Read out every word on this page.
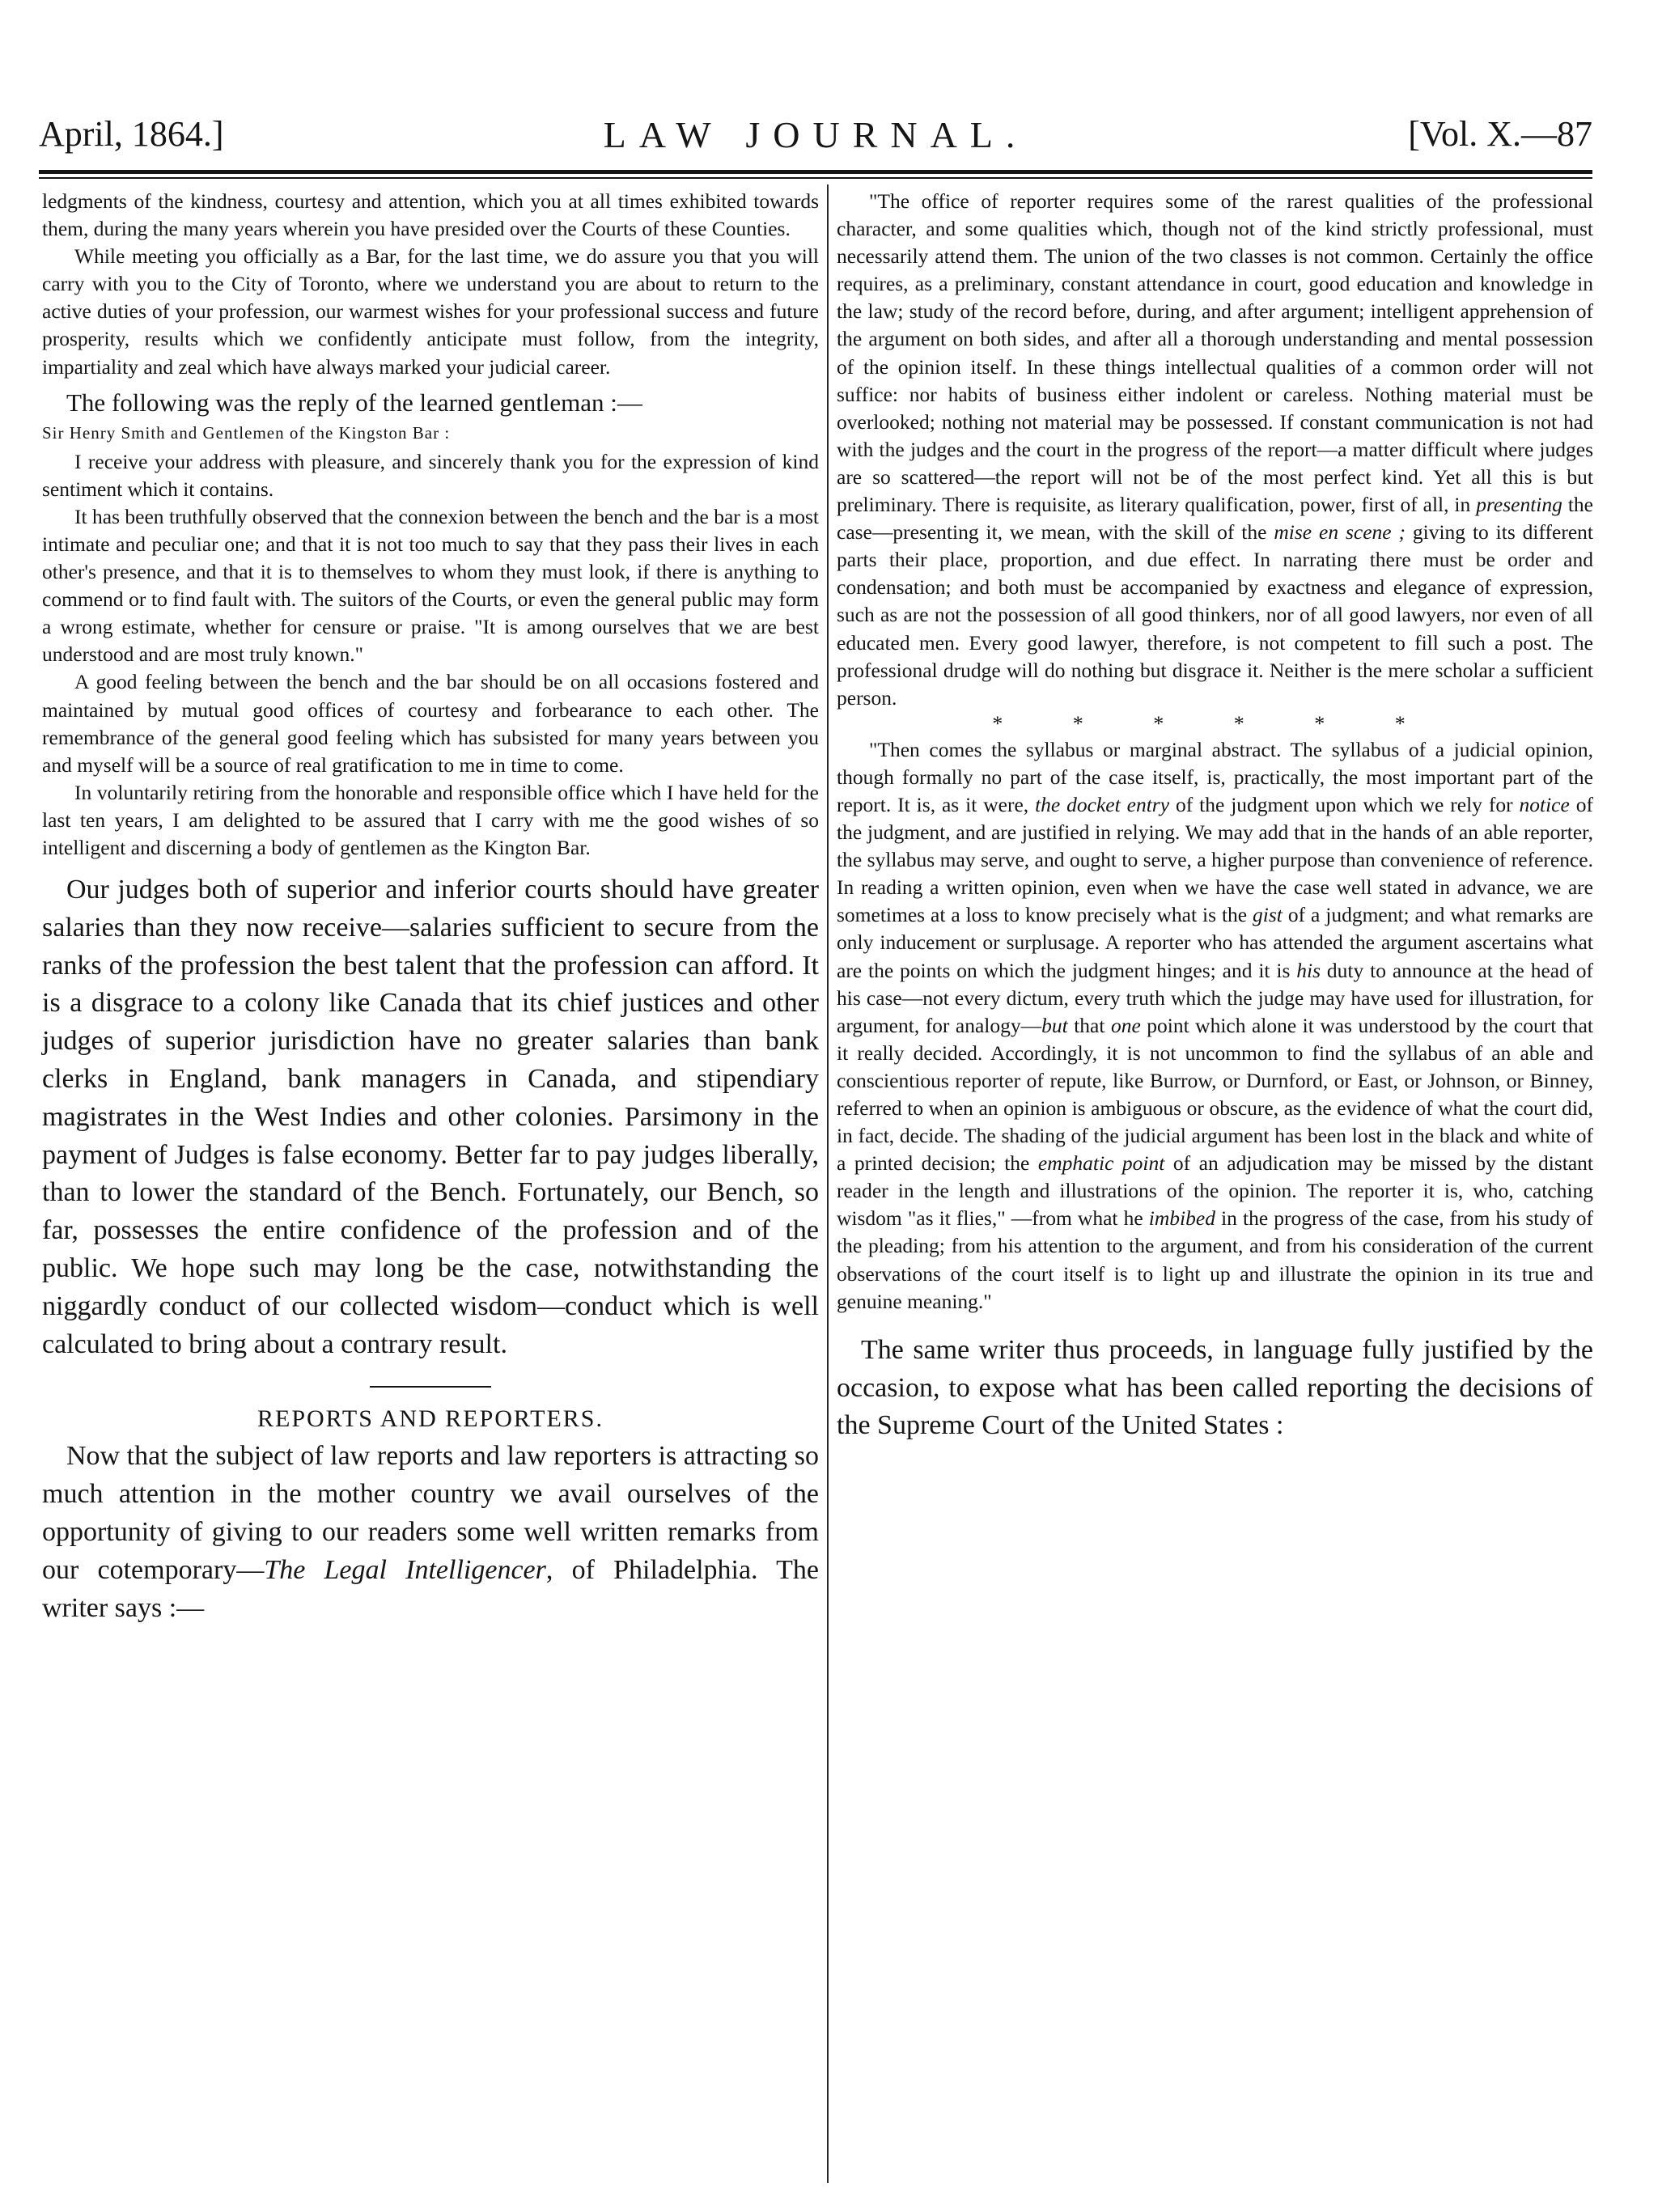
April, 1864.]	LAW JOURNAL.	[Vol. X.—87

ledgments of the kindness, courtesy and attention, which you at all times exhibited towards them, during the many years wherein you have presided over the Courts of these Counties.

While meeting you officially as a Bar, for the last time, we do assure you that you will carry with you to the City of Toronto, where we understand you are about to return to the active duties of your profession, our warmest wishes for your professional success and future prosperity, results which we confidently anticipate must follow, from the integrity, impartiality and zeal which have always marked your judicial career.

The following was the reply of the learned gentleman :—

Sir Henry Smith and Gentlemen of the Kingston Bar :

I receive your address with pleasure, and sincerely thank you for the expression of kind sentiment which it contains.

It has been truthfully observed that the connexion between the bench and the bar is a most intimate and peculiar one; and that it is not too much to say that they pass their lives in each other's presence, and that it is to themselves to whom they must look, if there is anything to commend or to find fault with. The suitors of the Courts, or even the general public may form a wrong estimate, whether for censure or praise. "It is among ourselves that we are best understood and are most truly known."

A good feeling between the bench and the bar should be on all occasions fostered and maintained by mutual good offices of courtesy and forbearance to each other. The remembrance of the general good feeling which has subsisted for many years between you and myself will be a source of real gratification to me in time to come.

In voluntarily retiring from the honorable and responsible office which I have held for the last ten years, I am delighted to be assured that I carry with me the good wishes of so intelligent and discerning a body of gentlemen as the Kington Bar.

Our judges both of superior and inferior courts should have greater salaries than they now receive—salaries sufficient to secure from the ranks of the profession the best talent that the profession can afford. It is a disgrace to a colony like Canada that its chief justices and other judges of superior jurisdiction have no greater salaries than bank clerks in England, bank managers in Canada, and stipendiary magistrates in the West Indies and other colonies. Parsimony in the payment of Judges is false economy. Better far to pay judges liberally, than to lower the standard of the Bench. Fortunately, our Bench, so far, possesses the entire confidence of the profession and of the public. We hope such may long be the case, notwithstanding the niggardly conduct of our collected wisdom—conduct which is well calculated to bring about a contrary result.

REPORTS AND REPORTERS.

Now that the subject of law reports and law reporters is attracting so much attention in the mother country we avail ourselves of the opportunity of giving to our readers some well written remarks from our cotemporary—The Legal Intelligencer, of Philadelphia. The writer says :—

"The office of reporter requires some of the rarest qualities of the professional character, and some qualities which, though not of the kind strictly professional, must necessarily attend them. The union of the two classes is not common. Certainly the office requires, as a preliminary, constant attendance in court, good education and knowledge in the law; study of the record before, during, and after argument; intelligent apprehension of the argument on both sides, and after all a thorough understanding and mental possession of the opinion itself. In these things intellectual qualities of a common order will not suffice: nor habits of business either indolent or careless. Nothing material must be overlooked; nothing not material may be possessed. If constant communication is not had with the judges and the court in the progress of the report—a matter difficult where judges are so scattered—the report will not be of the most perfect kind. Yet all this is but preliminary. There is requisite, as literary qualification, power, first of all, in presenting the case—presenting it, we mean, with the skill of the mise en scene ; giving to its different parts their place, proportion, and due effect. In narrating there must be order and condensation; and both must be accompanied by exactness and elegance of expression, such as are not the possession of all good thinkers, nor of all good lawyers, nor even of all educated men. Every good lawyer, therefore, is not competent to fill such a post. The professional drudge will do nothing but disgrace it. Neither is the mere scholar a sufficient person.

* * * * * *

"Then comes the syllabus or marginal abstract. The syllabus of a judicial opinion, though formally no part of the case itself, is, practically, the most important part of the report. It is, as it were, the docket entry of the judgment upon which we rely for notice of the judgment, and are justified in relying. We may add that in the hands of an able reporter, the syllabus may serve, and ought to serve, a higher purpose than convenience of reference. In reading a written opinion, even when we have the case well stated in advance, we are sometimes at a loss to know precisely what is the gist of a judgment; and what remarks are only inducement or surplusage. A reporter who has attended the argument ascertains what are the points on which the judgment hinges; and it is his duty to announce at the head of his case—not every dictum, every truth which the judge may have used for illustration, for argument, for analogy—but that one point which alone it was understood by the court that it really decided. Accordingly, it is not uncommon to find the syllabus of an able and conscientious reporter of repute, like Burrow, or Durnford, or East, or Johnson, or Binney, referred to when an opinion is ambiguous or obscure, as the evidence of what the court did, in fact, decide. The shading of the judicial argument has been lost in the black and white of a printed decision; the emphatic point of an adjudication may be missed by the distant reader in the length and illustrations of the opinion. The reporter it is, who, catching wisdom "as it flies," —from what he imbibed in the progress of the case, from his study of the pleading; from his attention to the argument, and from his consideration of the current observations of the court itself is to light up and illustrate the opinion in its true and genuine meaning."

The same writer thus proceeds, in language fully justified by the occasion, to expose what has been called reporting the decisions of the Supreme Court of the United States :
